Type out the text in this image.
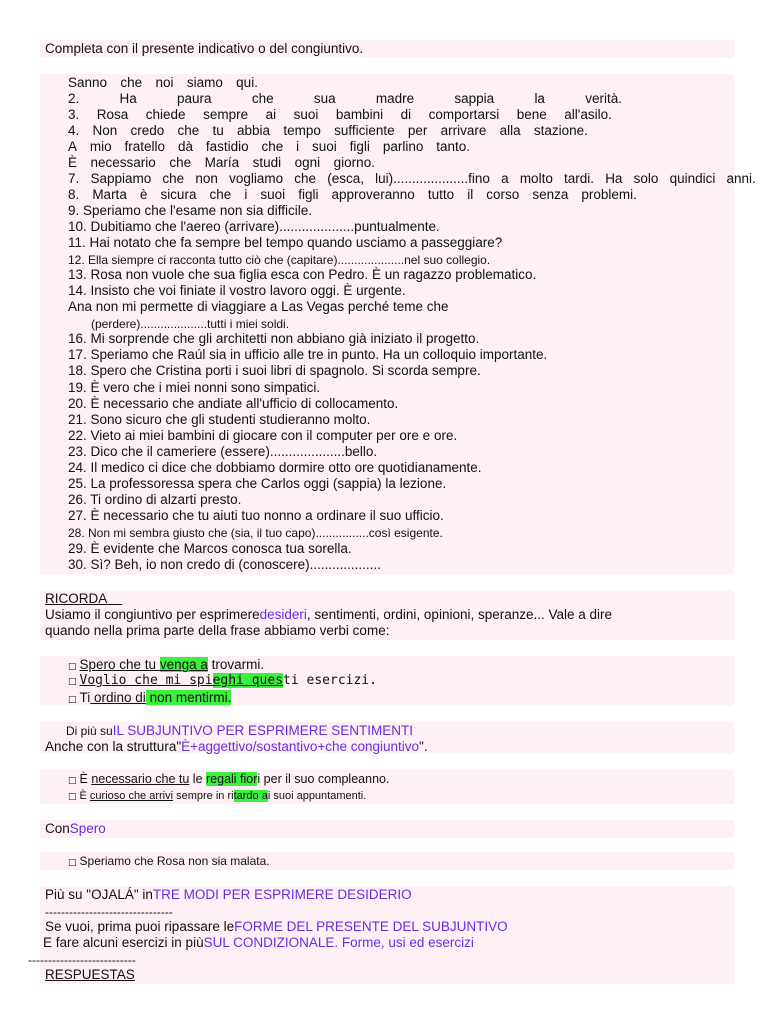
Completa con il presente indicativo o del congiuntivo.
Sanno che noi siamo qui.
2.	Ha	paura	che	sua	madre	sappia	la	verità.
3. Rosa chiede sempre ai suoi bambini di comportarsi bene all'asilo.
4. Non credo che tu abbia tempo sufficiente per arrivare alla stazione.
A mio fratello dà fastidio che i suoi figli parlino tanto.
È necessario che María studi ogni giorno.
7. Sappiamo che non vogliamo che (esca, lui)....................fino a molto tardi. Ha solo quindici anni.
8. Marta è sicura che i suoi figli approveranno tutto il corso senza problemi.
9. Speriamo che l'esame non sia difficile.
10. Dubitiamo che l'aereo (arrivare)....................puntualmente.
11. Hai notato che fa sempre bel tempo quando usciamo a passeggiare?
12. Ella siempre ci racconta tutto ciò che (capitare)....................nel suo collegio.
13. Rosa non vuole che sua figlia esca con Pedro. È un ragazzo problematico.
14. Insisto che voi finiate il vostro lavoro oggi. È urgente.
Ana non mi permette di viaggiare a Las Vegas perché teme che
(perdere)....................tutti i miei soldi.
16. Mi sorprende che gli architetti non abbiano già iniziato il progetto.
17. Speriamo che Raúl sia in ufficio alle tre in punto. Ha un colloquio importante.
18. Spero che Cristina porti i suoi libri di spagnolo. Si scorda sempre.
19. È vero che i miei nonni sono simpatici.
20. È necessario che andiate all'ufficio di collocamento.
21. Sono sicuro che gli studenti studieranno molto.
22. Vieto ai miei bambini di giocare con il computer per ore e ore.
23. Dico che il cameriere (essere)....................bello.
24. Il medico ci dice che dobbiamo dormire otto ore quotidianamente.
25. La professoressa spera che Carlos oggi (sappia) la lezione.
26. Ti ordino di alzarti presto.
27. È necessario che tu aiuti tuo nonno a ordinare il suo ufficio.
28. Non mi sembra giusto che (sia, il tuo capo)................così esigente.
29. È evidente che Marcos conosca tua sorella.
30. Sì? Beh, io non credo di (conoscere)...................
RICORDA
Usiamo il congiuntivo per esprimeredesideri, sentimenti, ordini, opinioni, speranze... Vale a dire
quando nella prima parte della frase abbiamo verbi come:
□ Spero che tu venga a trovarmi.
□ Voglio che mi spieghi questi esercizi.
□ Ti ordino di non mentirmi.
Di più suIL SUBJUNTIVO PER ESPRIMERE SENTIMENTI
Anche con la struttura"È+aggettivo/sostantivo+che congiuntivo".
□ È necessario che tu le regali fiori per il suo compleanno.
□ È curioso che arrivi sempre in ritardo ai suoi appuntamenti.
ConSpero
□ Speriamo che Rosa non sia malata.
Più su "OJALÁ" inTRE MODI PER ESPRIMERE DESIDERIO
--------------------------------
Se vuoi, prima puoi ripassare leFORME DEL PRESENTE DEL SUBJUNTIVO
E fare alcuni esercizi in piùSUL CONDIZIONALE. Forme, usi ed esercizi
---------------------------
RESPUESTAS
